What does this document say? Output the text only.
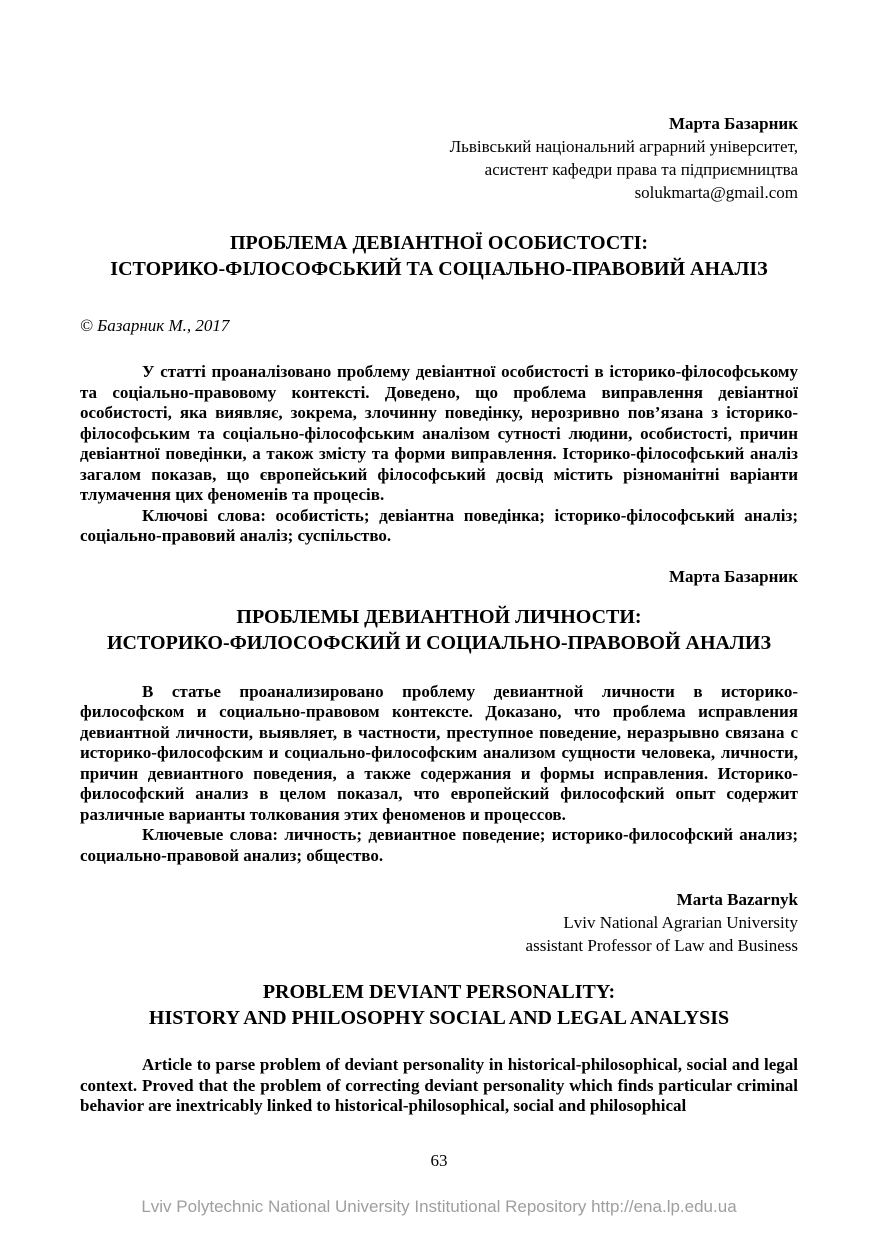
Марта Базарник
Львівський національний аграрний університет,
асистент кафедри права та підприємництва
solukmarta@gmail.com
ПРОБЛЕМА ДЕВІАНТНОЇ ОСОБИСТОСТІ:
ІСТОРИКО-ФІЛОСОФСЬКИЙ ТА СОЦІАЛЬНО-ПРАВОВИЙ АНАЛІЗ
© Базарник М., 2017

У статті проаналізовано проблему девіантної особистості в історико-філософському та соціально-правовому контексті. Доведено, що проблема виправлення девіантної особистості, яка виявляє, зокрема, злочинну поведінку, нерозривно пов’язана з історико-філософським та соціально-філософським аналізом сутності людини, особистості, причин девіантної поведінки, а також змісту та форми виправлення. Історико-філософський аналіз загалом показав, що європейський філософський досвід містить різноманітні варіанти тлумачення цих феноменів та процесів.

Ключові слова: особистість; девіантна поведінка; історико-філософський аналіз; соціально-правовий аналіз; суспільство.

Марта Базарник
ПРОБЛЕМЫ ДЕВИАНТНОЙ ЛИЧНОСТИ:
ИСТОРИКО-ФИЛОСОФСКИЙ И СОЦИАЛЬНО-ПРАВОВОЙ АНАЛИЗ

В статье проанализировано проблему девиантной личности в историко-философском и социально-правовом контексте. Доказано, что проблема исправления девиантной личности, выявляет, в частности, преступное поведение, неразрывно связана с историко-философским и социально-философским анализом сущности человека, личности, причин девиантного поведения, а также содержания и формы исправления. Историко-философский анализ в целом показал, что европейский философский опыт содержит различные варианты толкования этих феноменов и процессов.

Ключевые слова: личность; девиантное поведение; историко-философский анализ; социально-правовой анализ; общество.

Marta Bazarnyk
Lviv National Agrarian University
assistant Professor of Law and Business
PROBLEM DEVIANT PERSONALITY:
HISTORY AND PHILOSOPHY SOCIAL AND LEGAL ANALYSIS

Article to parse problem of deviant personality in historical-philosophical, social and legal context. Proved that the problem of correcting deviant personality which finds particular criminal behavior are inextricably linked to historical-philosophical, social and philosophical

63
Lviv Polytechnic National University Institutional Repository http://ena.lp.edu.ua
